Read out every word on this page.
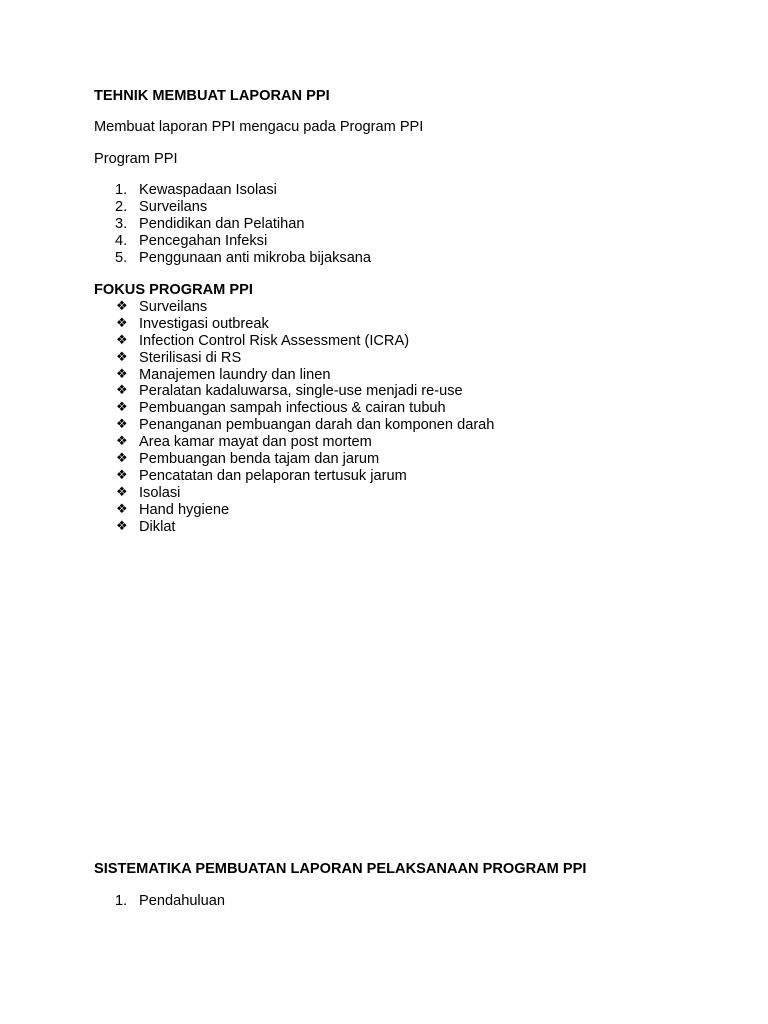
TEHNIK MEMBUAT LAPORAN PPI

Membuat laporan PPI mengacu pada Program PPI

Program PPI

1. Kewaspadaan Isolasi
2. Surveilans
3. Pendidikan dan Pelatihan
4. Pencegahan Infeksi
5. Penggunaan anti mikroba bijaksana

FOKUS PROGRAM PPI

❖ Surveilans
❖ Investigasi outbreak
❖ Infection Control Risk Assessment (ICRA)
❖ Sterilisasi di RS
❖ Manajemen laundry dan linen
❖ Peralatan kadaluwarsa, single-use menjadi re-use
❖ Pembuangan sampah infectious & cairan tubuh
❖ Penanganan pembuangan darah dan komponen darah
❖ Area kamar mayat dan post mortem
❖ Pembuangan benda tajam dan jarum
❖ Pencatatan dan pelaporan tertusuk jarum
❖ Isolasi
❖ Hand hygiene
❖ Diklat

SISTEMATIKA PEMBUATAN LAPORAN PELAKSANAAN PROGRAM PPI

1. Pendahuluan
